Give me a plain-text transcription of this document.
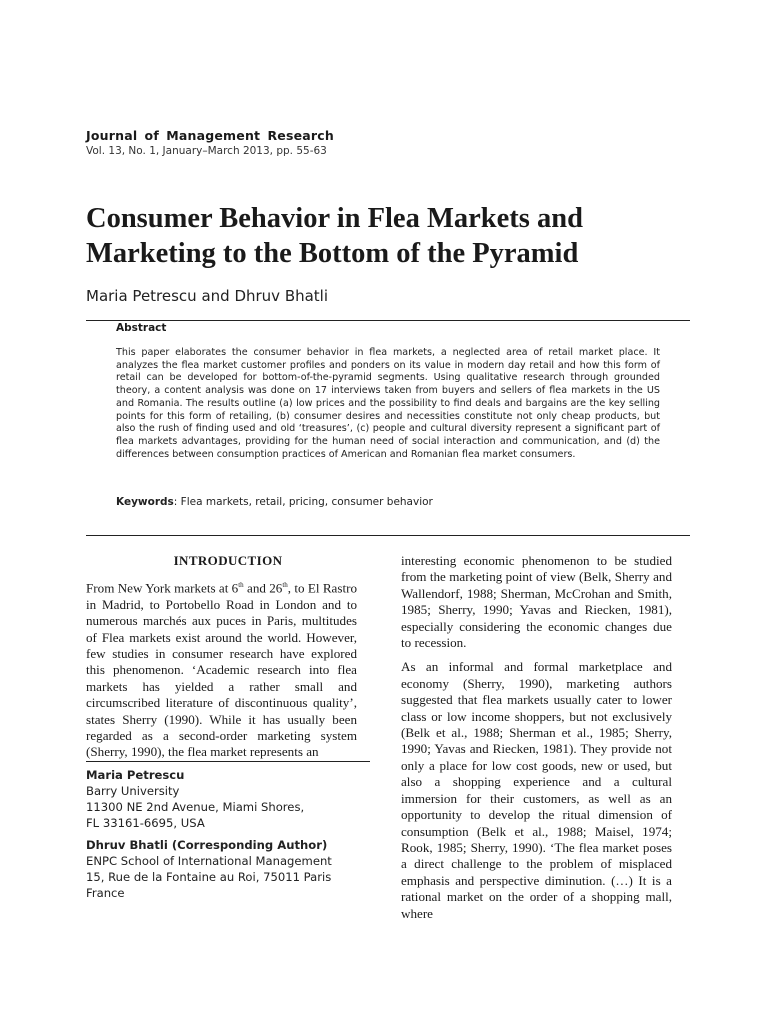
Journal of Management Research
Vol. 13, No. 1, January–March 2013, pp. 55-63
Consumer Behavior in Flea Markets and Marketing to the Bottom of the Pyramid
Maria Petrescu and Dhruv Bhatli
Abstract

This paper elaborates the consumer behavior in flea markets, a neglected area of retail market place. It analyzes the flea market customer profiles and ponders on its value in modern day retail and how this form of retail can be developed for bottom-of-the-pyramid segments. Using qualitative research through grounded theory, a content analysis was done on 17 interviews taken from buyers and sellers of flea markets in the US and Romania. The results outline (a) low prices and the possibility to find deals and bargains are the key selling points for this form of retailing, (b) consumer desires and necessities constitute not only cheap products, but also the rush of finding used and old ‘treasures’, (c) people and cultural diversity represent a significant part of flea markets advantages, providing for the human need of social interaction and communication, and (d) the differences between consumption practices of American and Romanian flea market consumers.

Keywords: Flea markets, retail, pricing, consumer behavior
INTRODUCTION

From New York markets at 6th and 26th, to El Rastro in Madrid, to Portobello Road in London and to numerous marchés aux puces in Paris, multitudes of Flea markets exist around the world. However, few studies in consumer research have explored this phenomenon. ‘Academic research into flea markets has yielded a rather small and circumscribed literature of discontinuous quality’, states Sherry (1990). While it has usually been regarded as a second-order marketing system (Sherry, 1990), the flea market represents an

Maria Petrescu
Barry University
11300 NE 2nd Avenue, Miami Shores,
FL 33161-6695, USA
Dhruv Bhatli (Corresponding Author)
ENPC School of International Management
15, Rue de la Fontaine au Roi, 75011 Paris
France

interesting economic phenomenon to be studied from the marketing point of view (Belk, Sherry and Wallendorf, 1988; Sherman, McCrohan and Smith, 1985; Sherry, 1990; Yavas and Riecken, 1981), especially considering the economic changes due to recession.

As an informal and formal marketplace and economy (Sherry, 1990), marketing authors suggested that flea markets usually cater to lower class or low income shoppers, but not exclusively (Belk et al., 1988; Sherman et al., 1985; Sherry, 1990; Yavas and Riecken, 1981). They provide not only a place for low cost goods, new or used, but also a shopping experience and a cultural immersion for their customers, as well as an opportunity to develop the ritual dimension of consumption (Belk et al., 1988; Maisel, 1974; Rook, 1985; Sherry, 1990). ‘The flea market poses a direct challenge to the problem of misplaced emphasis and perspective diminution. (…) It is a rational market on the order of a shopping mall, where
